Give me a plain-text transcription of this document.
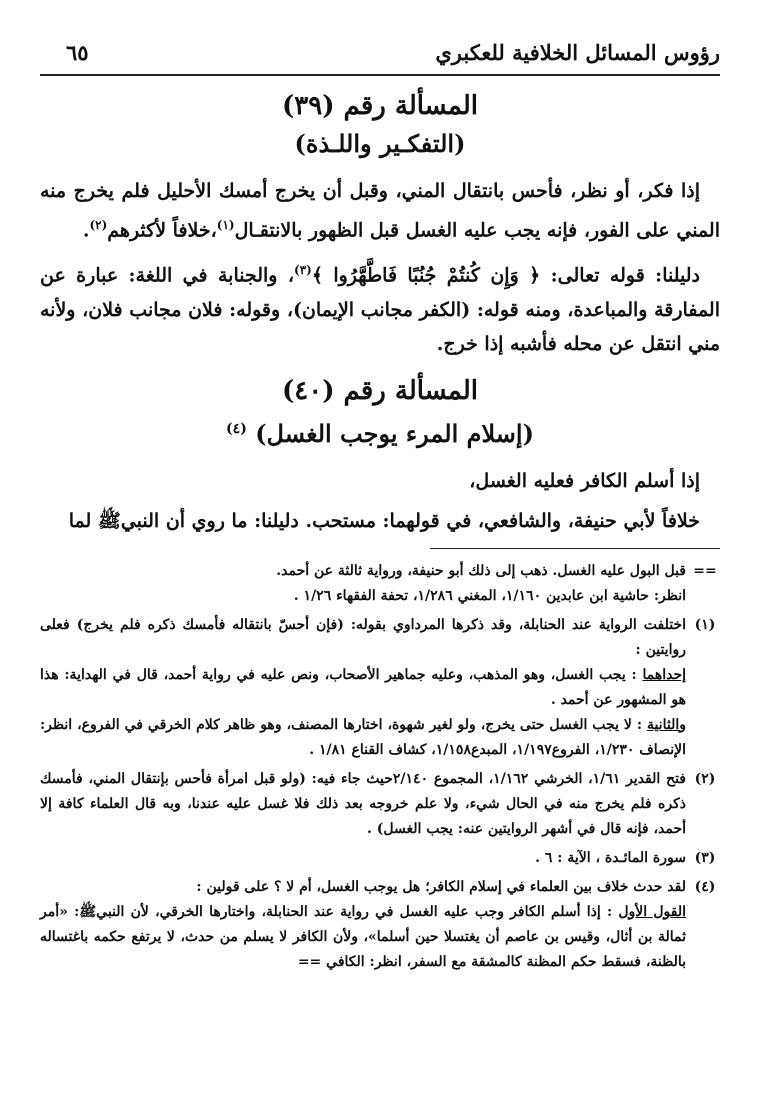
رؤوس المسائل الخلافية للعكبري
٦٥
المسألة رقم (٣٩)
(التفكـير واللـذة)

إذا فكر، أو نظر، فأحس بانتقال المني، وقبل أن يخرج أمسك الأحليل فلم يخرج منه المني على الفور، فإنه يجب عليه الغسل قبل الظهور بالانتقـال$^{(١)}$،خلافاً لأكثرهم$^{(٢)}$.

دليلنا: قوله تعالى: ﴿ وَإِن كُنتُمْ جُنُبًا فَاطَّهَّرُوا ﴾$^{(٣)}$، والجنابة في اللغة: عبارة عن المفارقة والمباعدة، ومنه قوله: (الكفر مجانب الإيمان)، وقوله: فلان مجانب فلان، ولأنه مني انتقل عن محله فأشبه إذا خرج.

المسألة رقم (٤٠)
(إسلام المرء يوجب الغسل) $^{(٤)}$

إذا أسلم الكافر فعليه الغسل،

خلافاً لأبي حنيفة، والشافعي، في قولهما: مستحب. دليلنا: ما روي أن النبيﷺ لما

==
قبل البول عليه الغسل. ذهب إلى ذلك أبو حنيفة، ورواية ثالثة عن أحمد.
انظر: حاشية ابن عابدين ١/١٦٠، المغني ١/٢٨٦، تحفة الفقهاء ١/٢٦ .
(١)
اختلفت الرواية عند الحنابلة، وقد ذكرها المرداوي بقوله: (فإن أحسّ بانتقاله فأمسك ذكره فلم يخرج) فعلى روايتين :
إحداهما : يجب الغسل، وهو المذهب، وعليه جماهير الأصحاب، ونص عليه في رواية أحمد، قال في الهداية: هذا هو المشهور عن أحمد .
والثانية : لا يجب الغسل حتى يخرج، ولو لغير شهوة، اختارها المصنف، وهو ظاهر كلام الخرقي في الفروع، انظر: الإنصاف ١/٢٣٠، الفروع١/١٩٧، المبدع١/١٥٨، كشاف القناع ١/٨١ .
(٢)
فتح القدير ١/٦١، الخرشي ١/١٦٢، المجموع ٢/١٤٠حيث جاء فيه: (ولو قبل امرأة فأحس بإنتقال المني، فأمسك ذكره فلم يخرج منه في الحال شيء، ولا علم خروجه بعد ذلك فلا غسل عليه عندنا، وبه قال العلماء كافة إلا أحمد، فإنه قال في أشهر الروايتين عنه: يجب الغسل) .
(٣)
سورة المائـدة ، الآية : ٦ .
(٤)
لقد حدث خلاف بين العلماء في إسلام الكافر؛ هل يوجب الغسل، أم لا ؟ على قولين :
القول الأول : إذا أسلم الكافر وجب عليه الغسل في رواية عند الحنابلة، واختارها الخرقي، لأن النبيﷺ: «أمر ثمالة بن أثال، وقيس بن عاصم أن يغتسلا حين أسلما»، ولأن الكافر لا يسلم من حدث، لا يرتفع حكمه باغتساله بالظنة، فسقط حكم المظنة كالمشقة مع السفر، انظر: الكافي ==
